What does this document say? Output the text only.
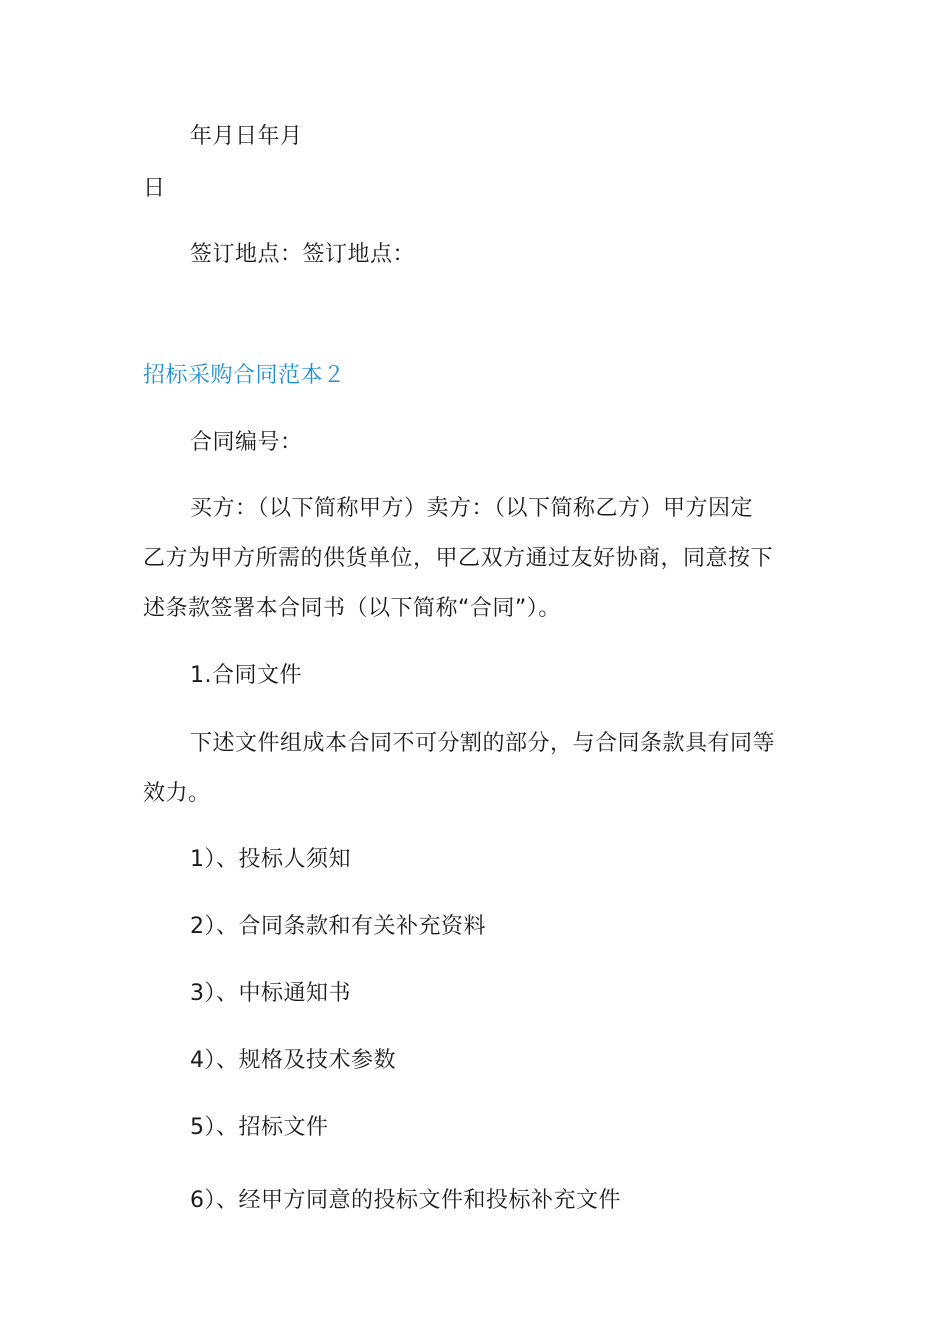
年月日年月
日
签订地点：签订地点：
招标采购合同范本２
合同编号：
买方：（以下简称甲方）卖方：（以下简称乙方）甲方因定
乙方为甲方所需的供货单位，甲乙双方通过友好协商，同意按下
述条款签署本合同书（以下简称“合同”）。
1.合同文件
下述文件组成本合同不可分割的部分，与合同条款具有同等
效力。
1）、投标人须知
2）、合同条款和有关补充资料
3）、中标通知书
4）、规格及技术参数
5）、招标文件
6）、经甲方同意的投标文件和投标补充文件
